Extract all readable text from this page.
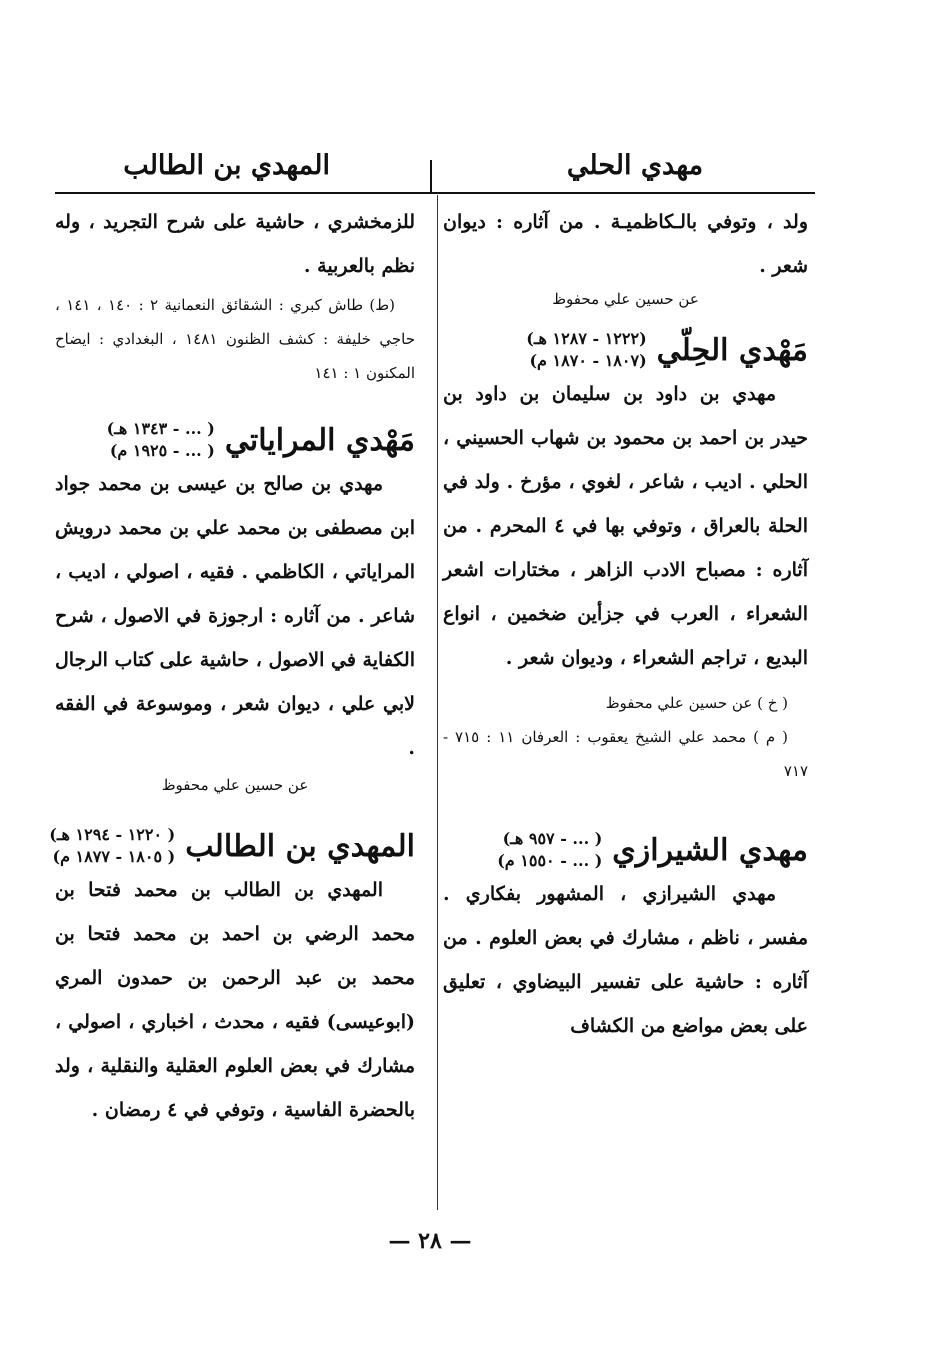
مهدي الحلي
المهدي بن الطالب

ولد ، وتوفي بالـكاظميـة . من آثاره : ديوان شعر .

عن حسين علي محفوظ

مَهْدي الحِلّي
(١٢٢٢ - ١٢٨٧ هـ)
(١٨٠٧ - ١٨٧٠ م)

مهدي بن داود بن سليمان بن داود بن حيدر بن احمد بن محمود بن شهاب الحسيني ، الحلي . اديب ، شاعر ، لغوي ، مؤرخ . ولد في الحلة بالعراق ، وتوفي بها في ٤ المحرم . من آثاره : مصباح الادب الزاهر ، مختارات اشعر الشعراء ، العرب في جزأين ضخمين ، انواع البديع ، تراجم الشعراء ، وديوان شعر .

( خ ) عن حسين علي محفوظ

( م ) محمد علي الشيخ يعقوب : العرفان ١١ : ٧١٥ - ٧١٧

مهدي الشيرازي
( ... - ٩٥٧ هـ)
( ... - ١٥٥٠ م)

مهدي الشيرازي ، المشهور بفكاري . مفسر ، ناظم ، مشارك في بعض العلوم . من آثاره : حاشية على تفسير البيضاوي ، تعليق على بعض مواضع من الكشاف

للزمخشري ، حاشية على شرح التجريد ، وله نظم بالعربية .

(ط) طاش كبري : الشقائق النعمانية ٢ : ١٤٠ ، ١٤١ ، حاجي خليفة : كشف الظنون ١٤٨١ ، البغدادي : ايضاح المكنون ١ : ١٤١

مَهْدي المراياتي
( ... - ١٣٤٣ هـ)
( ... - ١٩٢٥ م)

مهدي بن صالح بن عيسى بن محمد جواد ابن مصطفى بن محمد علي بن محمد درويش المراياتي ، الكاظمي . فقيه ، اصولي ، اديب ، شاعر . من آثاره : ارجوزة في الاصول ، شرح الكفاية في الاصول ، حاشية على كتاب الرجال لابي علي ، ديوان شعر ، وموسوعة في الفقه .

عن حسين علي محفوظ

المهدي بن الطالب
( ١٢٢٠ - ١٢٩٤ هـ)
( ١٨٠٥ - ١٨٧٧ م)

المهدي بن الطالب بن محمد فتحا بن محمد الرضي بن احمد بن محمد فتحا بن محمد بن عبد الرحمن بن حمدون المري (ابوعيسى) فقيه ، محدث ، اخباري ، اصولي ، مشارك في بعض العلوم العقلية والنقلية ، ولد بالحضرة الفاسية ، وتوفي في ٤ رمضان .

— ٢٨ —
